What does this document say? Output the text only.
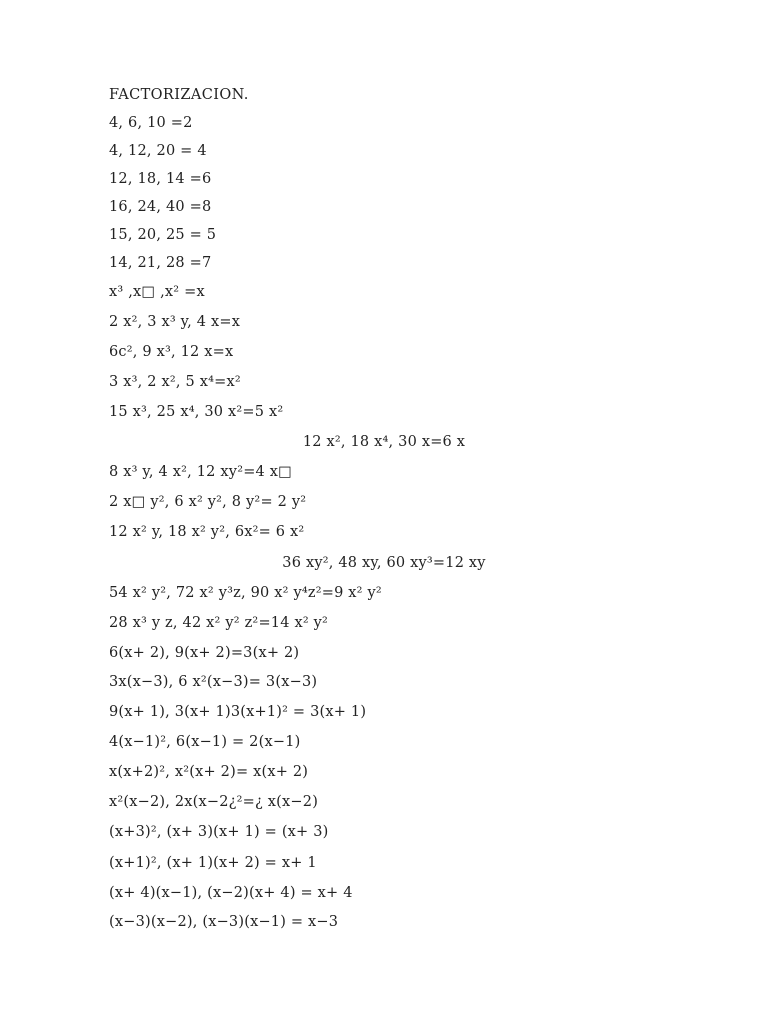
FACTORIZACION.
4, 6, 10 =2
4, 12, 20 = 4
12, 18, 14 =6
16, 24, 40 =8
15, 20, 25 = 5
14, 21, 28 =7
x³ ,x□ ,x² =x
2 x², 3 x³ y, 4 x=x
6c², 9 x³, 12 x=x
3 x³, 2 x², 5 x⁴=x²
15 x³, 25 x⁴, 30 x²=5 x²
12 x², 18 x⁴, 30 x=6 x
8 x³ y, 4 x², 12 xy²=4 x□
2 x□ y², 6 x² y², 8 y²= 2 y²
12 x² y, 18 x² y², 6x²= 6 x²
36 xy², 48 xy, 60 xy³=12 xy
54 x² y², 72 x² y³z, 90 x² y⁴z²=9 x² y²
28 x³ y z, 42 x² y² z²=14 x² y²
6(x+ 2), 9(x+ 2)=3(x+ 2)
3x(x−3), 6 x²(x−3)= 3(x−3)
9(x+ 1), 3(x+ 1)3(x+1)² = 3(x+ 1)
4(x−1)², 6(x−1) = 2(x−1)
x(x+2)², x²(x+ 2)= x(x+ 2)
x²(x−2), 2x(x−2¿²=¿ x(x−2)
(x+3)², (x+ 3)(x+ 1) = (x+ 3)
(x+1)², (x+ 1)(x+ 2) = x+ 1
(x+ 4)(x−1), (x−2)(x+ 4) = x+ 4
(x−3)(x−2), (x−3)(x−1) = x−3
